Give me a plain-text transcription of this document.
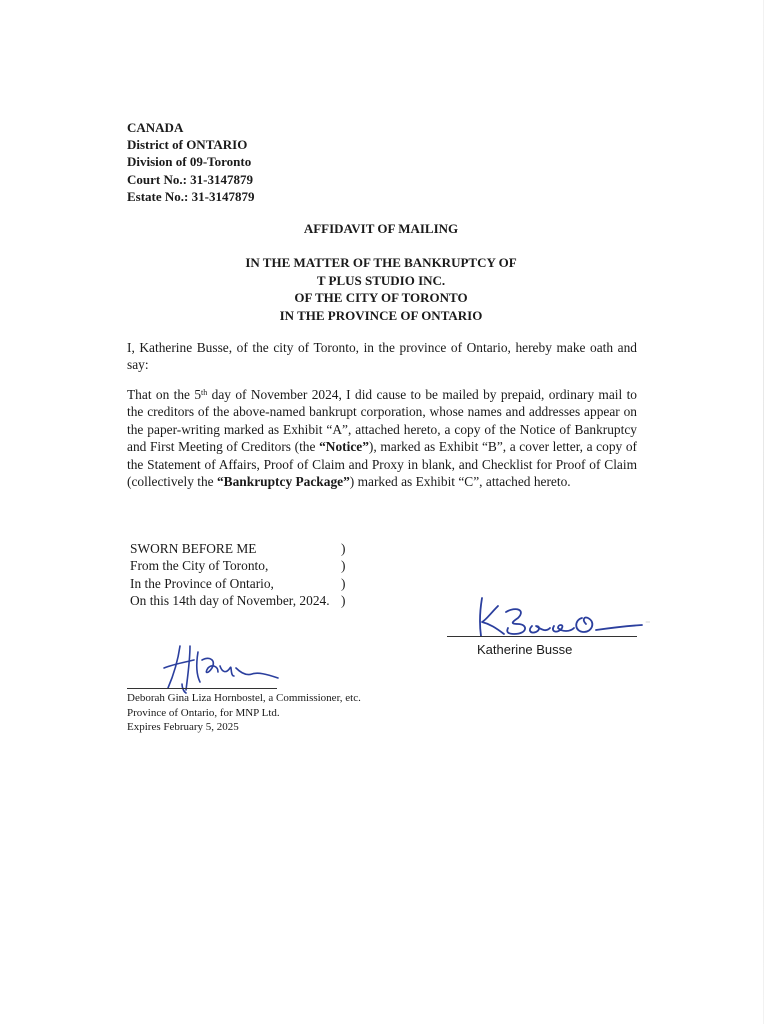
CANADA
District of ONTARIO
Division of 09-Toronto
Court No.: 31-3147879
Estate No.: 31-3147879
AFFIDAVIT OF MAILING
IN THE MATTER OF THE BANKRUPTCY OF
T PLUS STUDIO INC.
OF THE CITY OF TORONTO
IN THE PROVINCE OF ONTARIO
I, Katherine Busse, of the city of Toronto, in the province of Ontario, hereby make oath and say:
That on the 5th day of November 2024, I did cause to be mailed by prepaid, ordinary mail to the creditors of the above-named bankrupt corporation, whose names and addresses appear on the paper-writing marked as Exhibit “A”, attached hereto, a copy of the Notice of Bankruptcy and First Meeting of Creditors (the “Notice”), marked as Exhibit “B”, a cover letter, a copy of the Statement of Affairs, Proof of Claim and Proxy in blank, and Checklist for Proof of Claim (collectively the “Bankruptcy Package”) marked as Exhibit “C”, attached hereto.
SWORN BEFORE ME	)
From the City of Toronto,	)
In the Province of Ontario,	)
On this 14th day of November, 2024. )
Katherine Busse
Deborah Gina Liza Hornbostel, a Commissioner, etc.
Province of Ontario, for MNP Ltd.
Expires February 5, 2025
